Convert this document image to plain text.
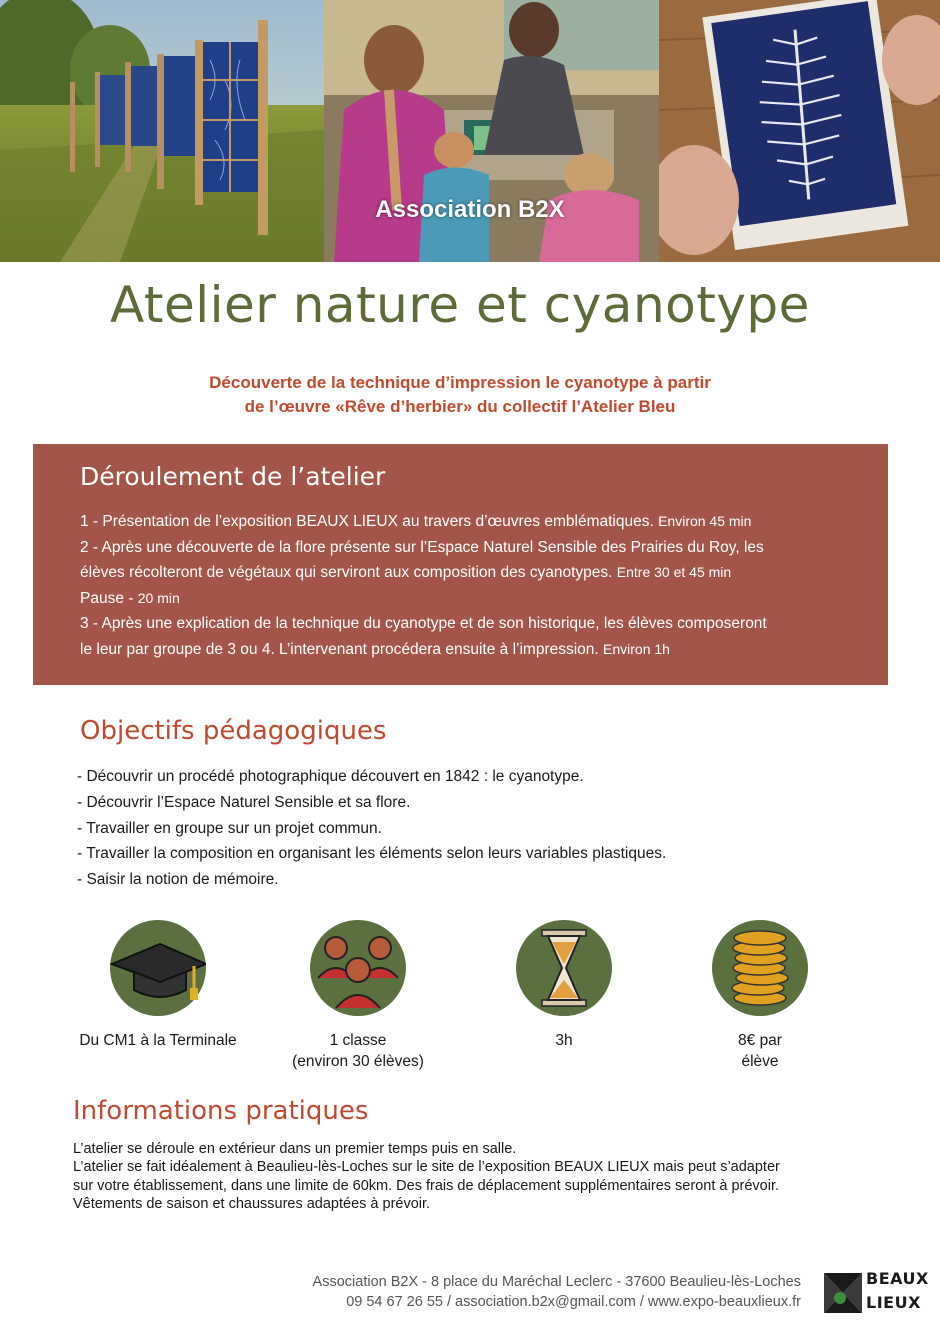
Association B2X
Atelier nature et cyanotype
Découverte de la technique d’impression le cyanotype à partir
de l’œuvre «Rêve d’herbier» du collectif l’Atelier Bleu
Déroulement de l’atelier
1 - Présentation de l’exposition BEAUX LIEUX au travers d’œuvres emblématiques. Environ 45 min
2 - Après une découverte de la flore présente sur l’Espace Naturel Sensible des Prairies du Roy, les
élèves récolteront de végétaux qui serviront aux composition des cyanotypes. Entre 30 et 45 min
Pause - 20 min
3 - Après une explication de la technique du cyanotype et de son historique, les élèves composeront
le leur par groupe de 3 ou 4. L’intervenant procédera ensuite à l’impression. Environ 1h
Objectifs pédagogiques
- Découvrir un procédé photographique découvert en 1842 : le cyanotype.
- Découvrir l’Espace Naturel Sensible et sa flore.
- Travailler en groupe sur un projet commun.
- Travailler la composition en organisant les éléments selon leurs variables plastiques.
- Saisir la notion de mémoire.
Du CM1 à la Terminale	1 classe
(environ 30 élèves)
3h	8€ par
élève
Informations pratiques

L’atelier se déroule en extérieur dans un premier temps puis en salle.

L’atelier se fait idéalement à Beaulieu-lès-Loches sur le site de l’exposition BEAUX LIEUX mais peut s’adapter

sur votre établissement, dans une limite de 60km. Des frais de déplacement supplémentaires seront à prévoir.

Vêtements de saison et chaussures adaptées à prévoir.

Association B2X - 8 place du Maréchal Leclerc - 37600 Beaulieu-lès-Loches
09 54 67 26 55 / association.b2x@gmail.com / www.expo-beauxlieux.fr
BEAUX
LIEUX
